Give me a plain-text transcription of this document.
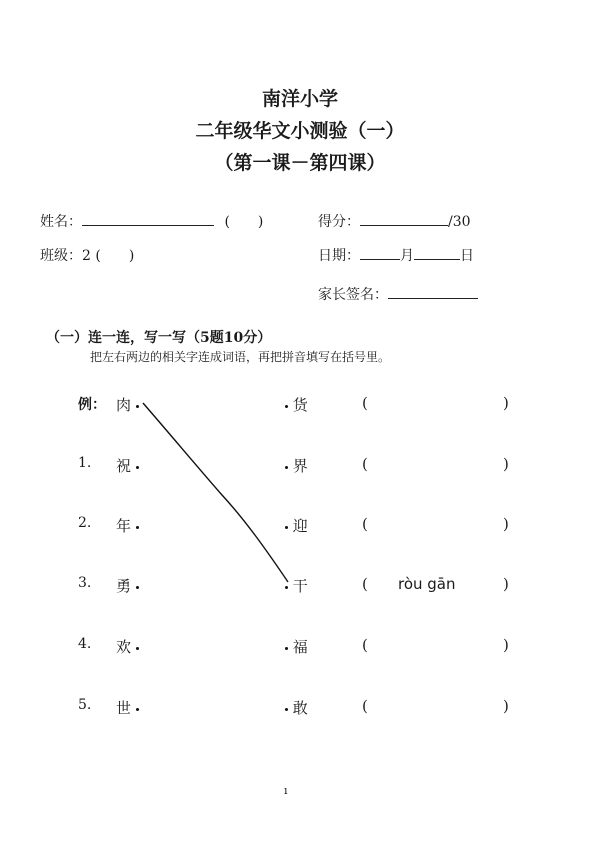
南洋小学
二年级华文小测验（一）
（第一课－第四课）
姓名：	(　　)	得分：	/30
班级：2 (　　)	日期：	月	日
家长签名：
（一）连一连，写一写（5题10分）
把左右两边的相关字连成词语，再把拼音填写在括号里。
例： 肉	货	(	)
1. 祝	界	(	)
2. 年	迎	(	)
3. 勇	干	( ròu gān	)
4. 欢	福	(	)
5. 世	敢	(	)
ı
